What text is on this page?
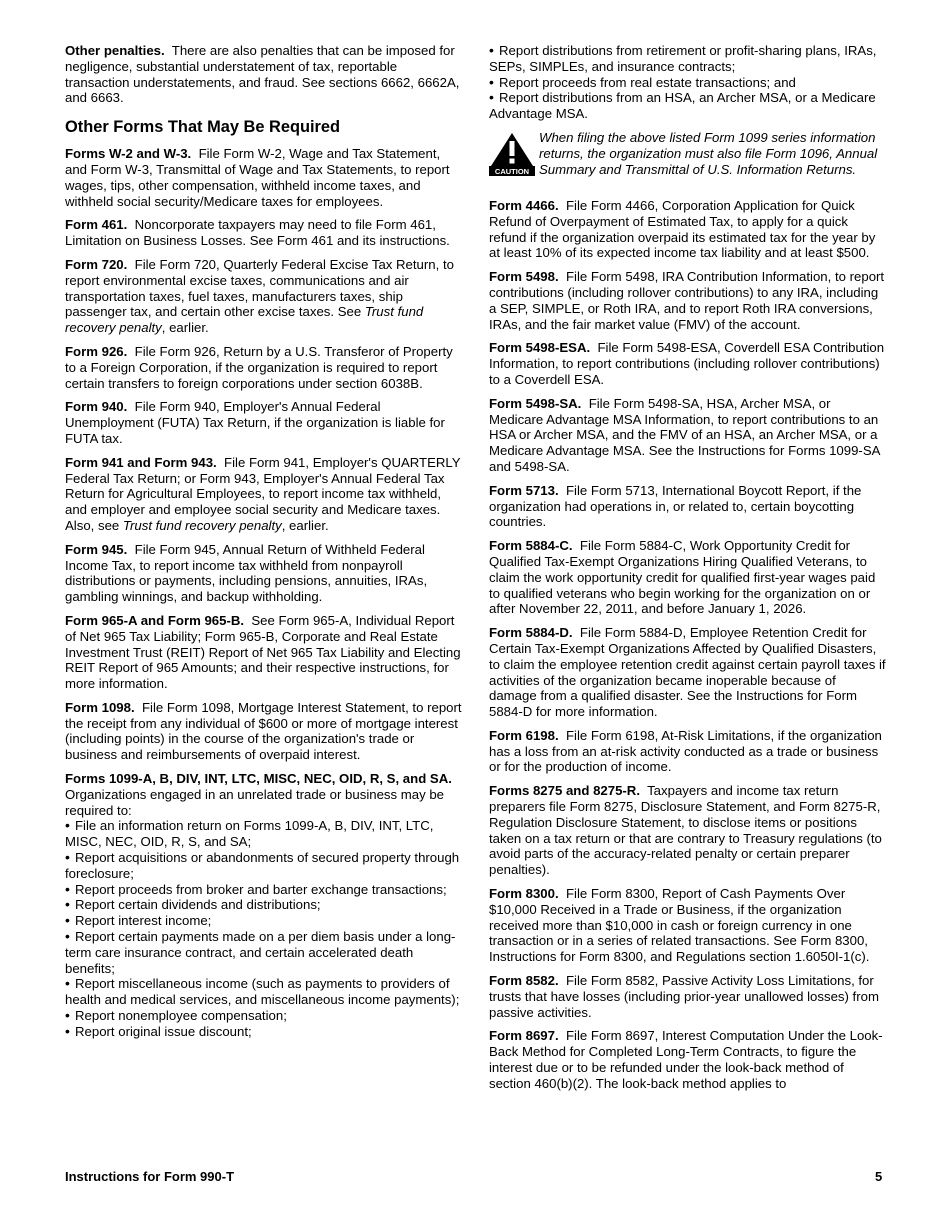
Other penalties. There are also penalties that can be imposed for negligence, substantial understatement of tax, reportable transaction understatements, and fraud. See sections 6662, 6662A, and 6663.

Other Forms That May Be Required

Forms W-2 and W-3. File Form W-2, Wage and Tax Statement, and Form W-3, Transmittal of Wage and Tax Statements, to report wages, tips, other compensation, withheld income taxes, and withheld social security/Medicare taxes for employees.

Form 461. Noncorporate taxpayers may need to file Form 461, Limitation on Business Losses. See Form 461 and its instructions.

Form 720. File Form 720, Quarterly Federal Excise Tax Return, to report environmental excise taxes, communications and air transportation taxes, fuel taxes, manufacturers taxes, ship passenger tax, and certain other excise taxes. See Trust fund recovery penalty, earlier.

Form 926. File Form 926, Return by a U.S. Transferor of Property to a Foreign Corporation, if the organization is required to report certain transfers to foreign corporations under section 6038B.

Form 940. File Form 940, Employer's Annual Federal Unemployment (FUTA) Tax Return, if the organization is liable for FUTA tax.

Form 941 and Form 943. File Form 941, Employer's QUARTERLY Federal Tax Return; or Form 943, Employer's Annual Federal Tax Return for Agricultural Employees, to report income tax withheld, and employer and employee social security and Medicare taxes. Also, see Trust fund recovery penalty, earlier.

Form 945. File Form 945, Annual Return of Withheld Federal Income Tax, to report income tax withheld from nonpayroll distributions or payments, including pensions, annuities, IRAs, gambling winnings, and backup withholding.

Form 965-A and Form 965-B. See Form 965-A, Individual Report of Net 965 Tax Liability; Form 965-B, Corporate and Real Estate Investment Trust (REIT) Report of Net 965 Tax Liability and Electing REIT Report of 965 Amounts; and their respective instructions, for more information.

Form 1098. File Form 1098, Mortgage Interest Statement, to report the receipt from any individual of $600 or more of mortgage interest (including points) in the course of the organization's trade or business and reimbursements of overpaid interest.

Forms 1099-A, B, DIV, INT, LTC, MISC, NEC, OID, R, S, and SA.  Organizations engaged in an unrelated trade or business may be required to:

• File an information return on Forms 1099-A, B, DIV, INT, LTC, MISC, NEC, OID, R, S, and SA;
• Report acquisitions or abandonments of secured property through foreclosure;
• Report proceeds from broker and barter exchange transactions;
• Report certain dividends and distributions;
• Report interest income;
• Report certain payments made on a per diem basis under a long-term care insurance contract, and certain accelerated death benefits;
• Report miscellaneous income (such as payments to providers of health and medical services, and miscellaneous income payments);
• Report nonemployee compensation;
• Report original issue discount;
• Report distributions from retirement or profit-sharing plans, IRAs, SEPs, SIMPLEs, and insurance contracts;
• Report proceeds from real estate transactions; and
• Report distributions from an HSA, an Archer MSA, or a Medicare Advantage MSA.
CAUTION
When filing the above listed Form 1099 series information returns, the organization must also file Form 1096, Annual Summary and Transmittal of U.S. Information Returns.

Form 4466. File Form 4466, Corporation Application for Quick Refund of Overpayment of Estimated Tax, to apply for a quick refund if the organization overpaid its estimated tax for the year by at least 10% of its expected income tax liability and at least $500.

Form 5498. File Form 5498, IRA Contribution Information, to report contributions (including rollover contributions) to any IRA, including a SEP, SIMPLE, or Roth IRA, and to report Roth IRA conversions, IRAs, and the fair market value (FMV) of the account.

Form 5498-ESA. File Form 5498-ESA, Coverdell ESA Contribution Information, to report contributions (including rollover contributions) to a Coverdell ESA.

Form 5498-SA. File Form 5498-SA, HSA, Archer MSA, or Medicare Advantage MSA Information, to report contributions to an HSA or Archer MSA, and the FMV of an HSA, an Archer MSA, or a Medicare Advantage MSA. See the Instructions for Forms 1099-SA and 5498-SA.

Form 5713. File Form 5713, International Boycott Report, if the organization had operations in, or related to, certain boycotting countries.

Form 5884-C. File Form 5884-C, Work Opportunity Credit for Qualified Tax-Exempt Organizations Hiring Qualified Veterans, to claim the work opportunity credit for qualified first-year wages paid to qualified veterans who begin working for the organization on or after November 22, 2011, and before January 1, 2026.

Form 5884-D. File Form 5884-D, Employee Retention Credit for Certain Tax-Exempt Organizations Affected by Qualified Disasters, to claim the employee retention credit against certain payroll taxes if activities of the organization became inoperable because of damage from a qualified disaster. See the Instructions for Form 5884-D for more information.

Form 6198. File Form 6198, At-Risk Limitations, if the organization has a loss from an at-risk activity conducted as a trade or business or for the production of income.

Forms 8275 and 8275-R. Taxpayers and income tax return preparers file Form 8275, Disclosure Statement, and Form 8275-R, Regulation Disclosure Statement, to disclose items or positions taken on a tax return or that are contrary to Treasury regulations (to avoid parts of the accuracy-related penalty or certain preparer penalties).

Form 8300. File Form 8300, Report of Cash Payments Over $10,000 Received in a Trade or Business, if the organization received more than $10,000 in cash or foreign currency in one transaction or in a series of related transactions. See Form 8300, Instructions for Form 8300, and Regulations section 1.6050I-1(c).

Form 8582. File Form 8582, Passive Activity Loss Limitations, for trusts that have losses (including prior-year unallowed losses) from passive activities.

Form 8697. File Form 8697, Interest Computation Under the Look-Back Method for Completed Long-Term Contracts, to figure the interest due or to be refunded under the look-back method of section 460(b)(2). The look-back method applies to

Instructions for Form 990-T	5
